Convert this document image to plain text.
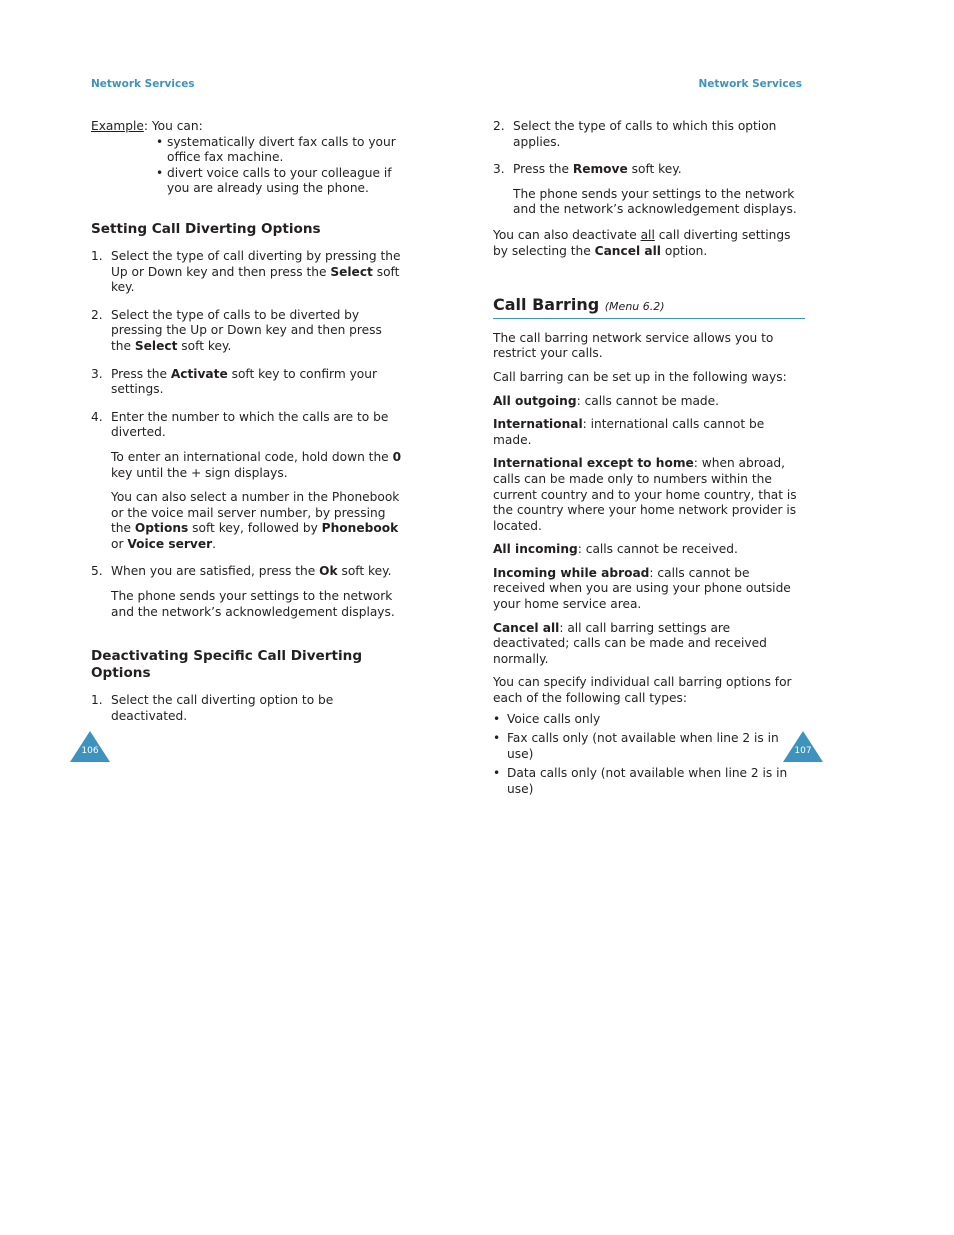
Network Services	Network Services

Example: You can:

• systematically divert fax calls to your office fax machine.
• divert voice calls to your colleague if you are already using the phone.
Setting Call Diverting Options
1. Select the type of call diverting by pressing the Up or Down key and then press the Select soft key.
2. Select the type of calls to be diverted by pressing the Up or Down key and then press the Select soft key.
3. Press the Activate soft key to confirm your settings.
4. Enter the number to which the calls are to be diverted.

To enter an international code, hold down the 0 key until the + sign displays.

You can also select a number in the Phonebook or the voice mail server number, by pressing the Options soft key, followed by Phonebook or Voice server.

5. When you are satisfied, press the Ok soft key.

The phone sends your settings to the network and the network’s acknowledgement displays.

Deactivating Specific Call Diverting Options
1. Select the call diverting option to be deactivated.
2. Select the type of calls to which this option applies.
3. Press the Remove soft key.

The phone sends your settings to the network and the network’s acknowledgement displays.

You can also deactivate all call diverting settings by selecting the Cancel all option.

Call Barring (Menu 6.2)

The call barring network service allows you to restrict your calls.

Call barring can be set up in the following ways:

All outgoing: calls cannot be made.

International: international calls cannot be made.

International except to home: when abroad, calls can be made only to numbers within the current country and to your home country, that is the country where your home network provider is located.

All incoming: calls cannot be received.

Incoming while abroad: calls cannot be received when you are using your phone outside your home service area.

Cancel all: all call barring settings are deactivated; calls can be made and received normally.

You can specify individual call barring options for each of the following call types:

• Voice calls only
• Fax calls only (not available when line 2 is in use)
• Data calls only (not available when line 2 is in use)
106	107
